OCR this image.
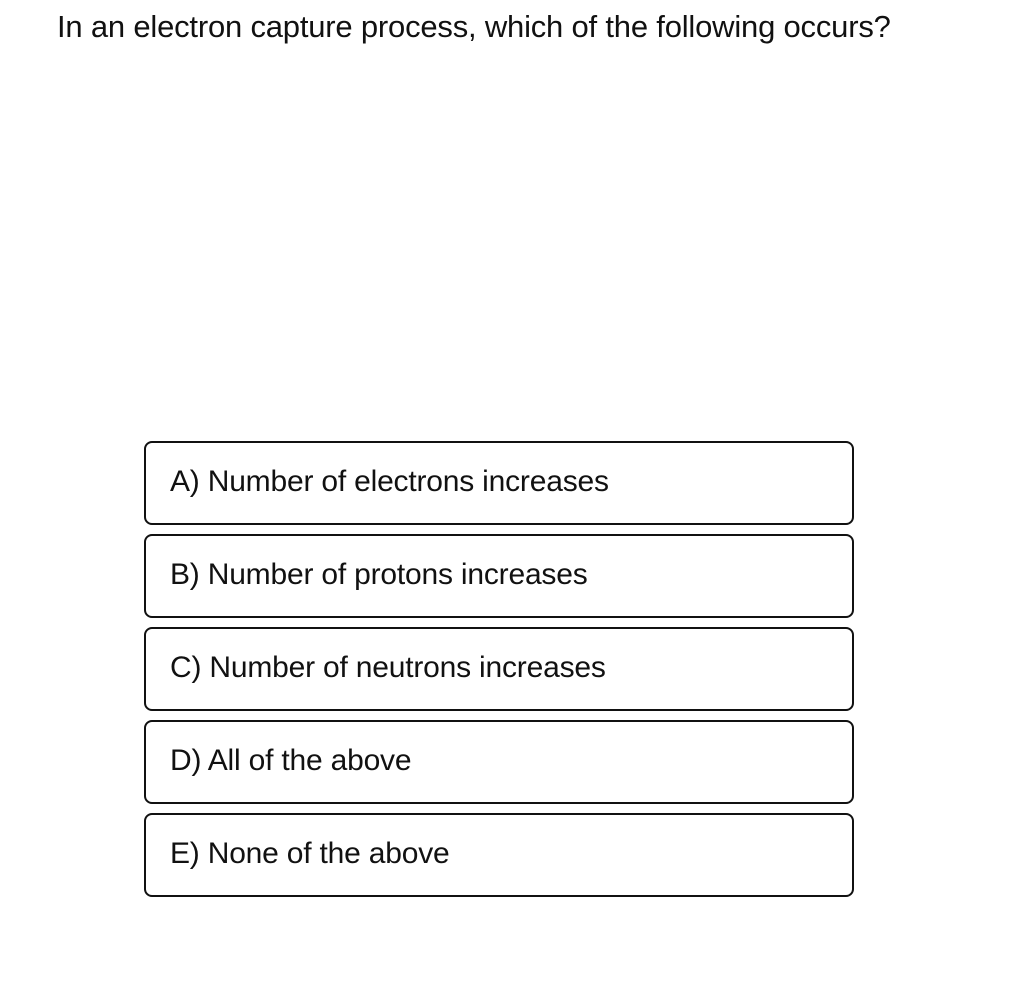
In an electron capture process, which of the following occurs?
A) Number of electrons increases
B) Number of protons increases
C) Number of neutrons increases
D) All of the above
E) None of the above
